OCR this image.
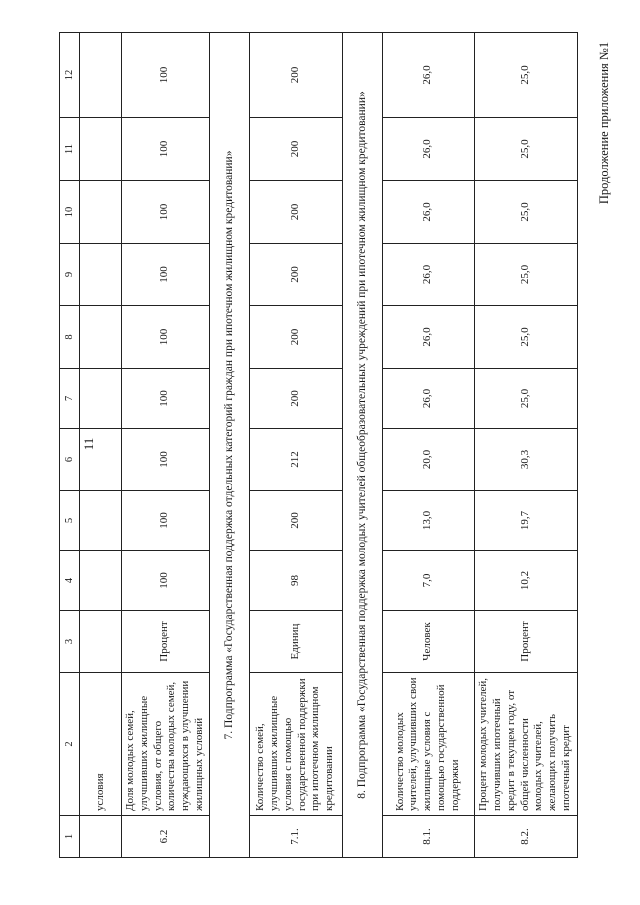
11
Продолжение приложения №1
1	2	3	4	5	6	7	8	9	10	11	12
	условия										
6.2	Доля молодых семей, улучшивших жилищные условия, от общего количества молодых семей, нуждающихся в улучшении жилищных условий	Процент	100	100	100	100	100	100	100	100	100
7. Подпрограмма «Государственная поддержка отдельных категорий граждан при ипотечном жилищном кредитовании»											
7.1.	Количество семей, улучшивших жилищные условия с помощью государственной поддержки при ипотечном жилищном кредитовании	Единиц	98	200	212	200	200	200	200	200	200
8. Подпрограмма «Государственная поддержка молодых учителей общеобразовательных учреждений при ипотечном жилищном кредитовании»											
8.1.	Количество молодых учителей, улучшивших свои жилищные условия с помощью государственной поддержки	Человек	7,0	13,0	20,0	26,0	26,0	26,0	26,0	26,0	26,0
8.2.	Процент молодых учителей, получивших ипотечный кредит в текущем году, от общей численности молодых учителей, желающих получить ипотечный кредит	Процент	10,2	19,7	30,3	25,0	25,0	25,0	25,0	25,0	25,0
